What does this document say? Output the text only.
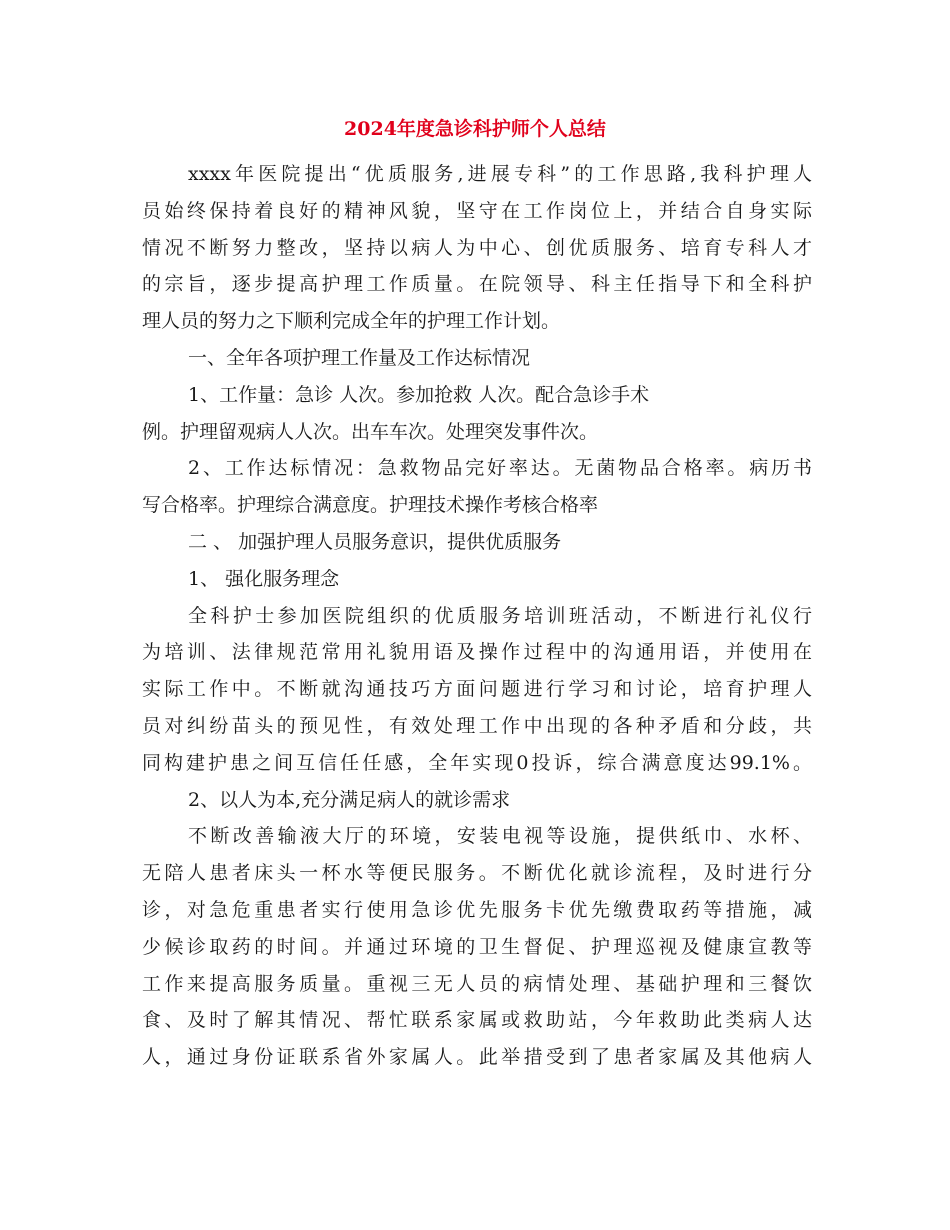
2024年度急诊科护师个人总结
xxxx年医院提出“优质服务,进展专科”的工作思路,我科护理人
员始终保持着良好的精神风貌，坚守在工作岗位上，并结合自身实际
情况不断努力整改，坚持以病人为中心、创优质服务、培育专科人才
的宗旨，逐步提高护理工作质量。在院领导、科主任指导下和全科护
理人员的努力之下顺利完成全年的护理工作计划。
一、全年各项护理工作量及工作达标情况
1、工作量：急诊 人次。参加抢救 人次。配合急诊手术
例。护理留观病人人次。出车车次。处理突发事件次。
2、工作达标情况：急救物品完好率达。无菌物品合格率。病历书
写合格率。护理综合满意度。护理技术操作考核合格率
二 、 加强护理人员服务意识，提供优质服务
1、 强化服务理念
全科护士参加医院组织的优质服务培训班活动，不断进行礼仪行
为培训、法律规范常用礼貌用语及操作过程中的沟通用语，并使用在
实际工作中。不断就沟通技巧方面问题进行学习和讨论，培育护理人
员对纠纷苗头的预见性，有效处理工作中出现的各种矛盾和分歧，共
同构建护患之间互信任任感，全年实现0投诉，综合满意度达99.1%。
2、以人为本,充分满足病人的就诊需求
不断改善输液大厅的环境，安装电视等设施，提供纸巾、水杯、
无陪人患者床头一杯水等便民服务。不断优化就诊流程，及时进行分
诊，对急危重患者实行使用急诊优先服务卡优先缴费取药等措施，减
少候诊取药的时间。并通过环境的卫生督促、护理巡视及健康宣教等
工作来提高服务质量。重视三无人员的病情处理、基础护理和三餐饮
食、及时了解其情况、帮忙联系家属或救助站，今年救助此类病人达
人，通过身份证联系省外家属人。此举措受到了患者家属及其他病人
